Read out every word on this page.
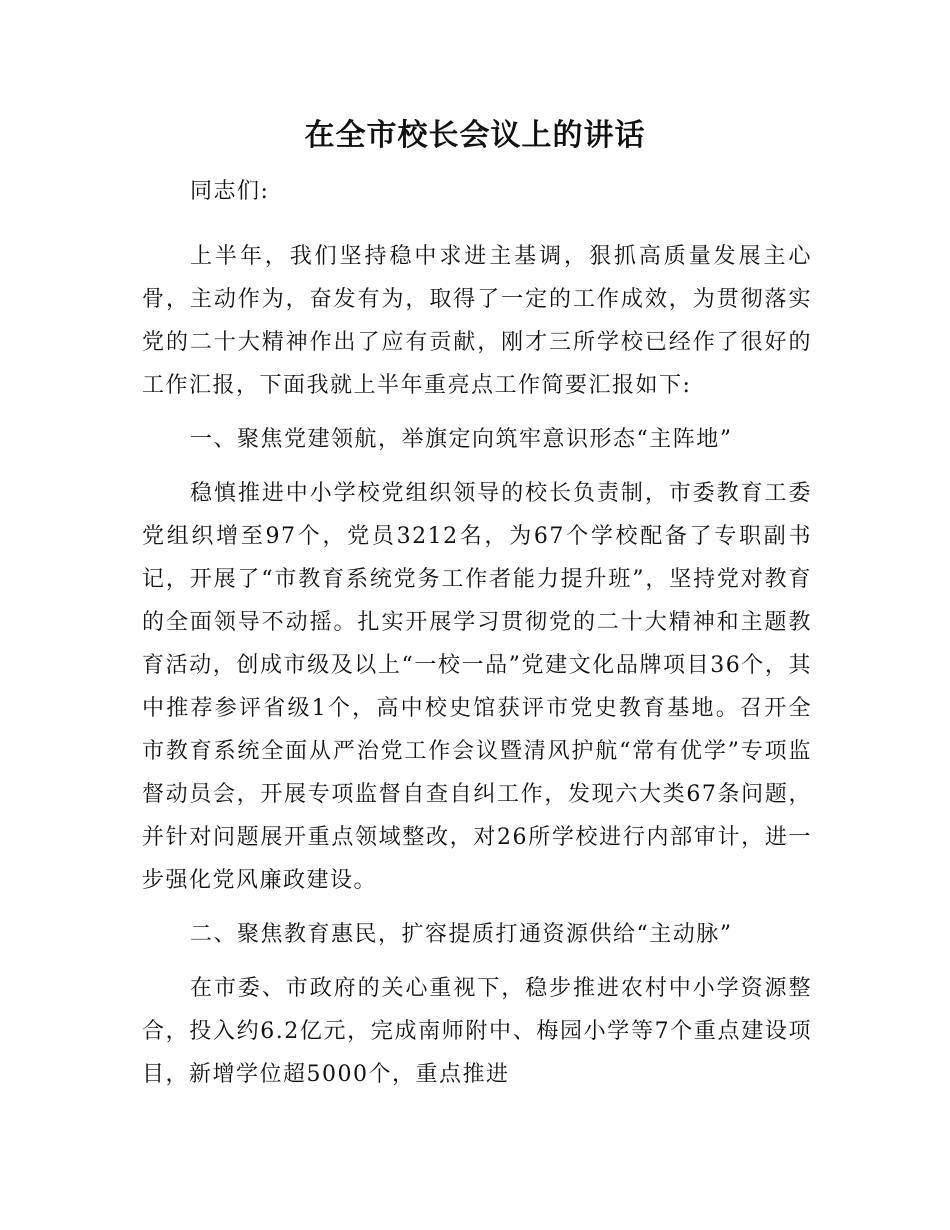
在全市校长会议上的讲话

同志们:

上半年，我们坚持稳中求进主基调，狠抓高质量发展主心骨，主动作为，奋发有为，取得了一定的工作成效，为贯彻落实党的二十大精神作出了应有贡献，刚才三所学校已经作了很好的工作汇报，下面我就上半年重亮点工作简要汇报如下:

一、聚焦党建领航，举旗定向筑牢意识形态“主阵地”

稳慎推进中小学校党组织领导的校长负责制，市委教育工委党组织增至97个，党员3212名，为67个学校配备了专职副书记，开展了“市教育系统党务工作者能力提升班”，坚持党对教育的全面领导不动摇。扎实开展学习贯彻党的二十大精神和主题教育活动，创成市级及以上“一校一品”党建文化品牌项目36个，其中推荐参评省级1个，高中校史馆获评市党史教育基地。召开全市教育系统全面从严治党工作会议暨清风护航“常有优学”专项监督动员会，开展专项监督自查自纠工作，发现六大类67条问题，并针对问题展开重点领域整改，对26所学校进行内部审计，进一步强化党风廉政建设。

二、聚焦教育惠民，扩容提质打通资源供给“主动脉”

在市委、市政府的关心重视下，稳步推进农村中小学资源整合，投入约6.2亿元，完成南师附中、梅园小学等7个重点建设项目，新增学位超5000个，重点推进
